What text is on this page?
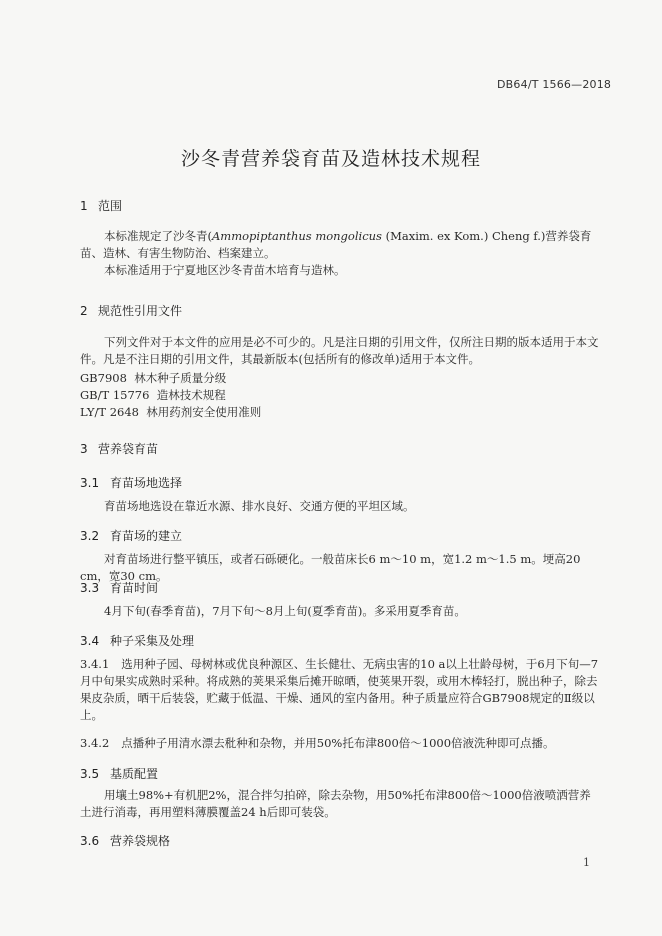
DB64/T 1566—2018
沙冬青营养袋育苗及造林技术规程
1 范围
本标准规定了沙冬青(Ammopiptanthus mongolicus (Maxim. ex Kom.) Cheng f.)营养袋育苗、造林、有害生物防治、档案建立。
本标准适用于宁夏地区沙冬青苗木培育与造林。
2 规范性引用文件
下列文件对于本文件的应用是必不可少的。凡是注日期的引用文件，仅所注日期的版本适用于本文件。凡是不注日期的引用文件，其最新版本(包括所有的修改单)适用于本文件。
GB7908  林木种子质量分级
GB/T 15776  造林技术规程
LY/T 2648  林用药剂安全使用准则
3 营养袋育苗
3.1 育苗场地选择
育苗场地选设在靠近水源、排水良好、交通方便的平坦区域。
3.2 育苗场的建立
对育苗场进行整平镇压，或者石砾硬化。一般苗床长6 m～10 m，宽1.2 m～1.5 m。埂高20 cm，宽30 cm。
3.3 育苗时间
4月下旬(春季育苗)，7月下旬～8月上旬(夏季育苗)。多采用夏季育苗。
3.4 种子采集及处理
3.4.1 选用种子园、母树林或优良种源区、生长健壮、无病虫害的10 a以上壮龄母树，于6月下旬—7月中旬果实成熟时采种。将成熟的荚果采集后摊开晾晒，使荚果开裂，或用木棒轻打，脱出种子，除去果皮杂质，晒干后装袋，贮藏于低温、干燥、通风的室内备用。种子质量应符合GB7908规定的Ⅱ级以上。
3.4.2 点播种子用清水漂去秕种和杂物，并用50%托布津800倍～1000倍液洗种即可点播。
3.5 基质配置
用壤土98%+有机肥2%，混合拌匀拍碎，除去杂物，用50%托布津800倍～1000倍液喷洒营养土进行消毒，再用塑料薄膜覆盖24 h后即可装袋。
3.6 营养袋规格
1
